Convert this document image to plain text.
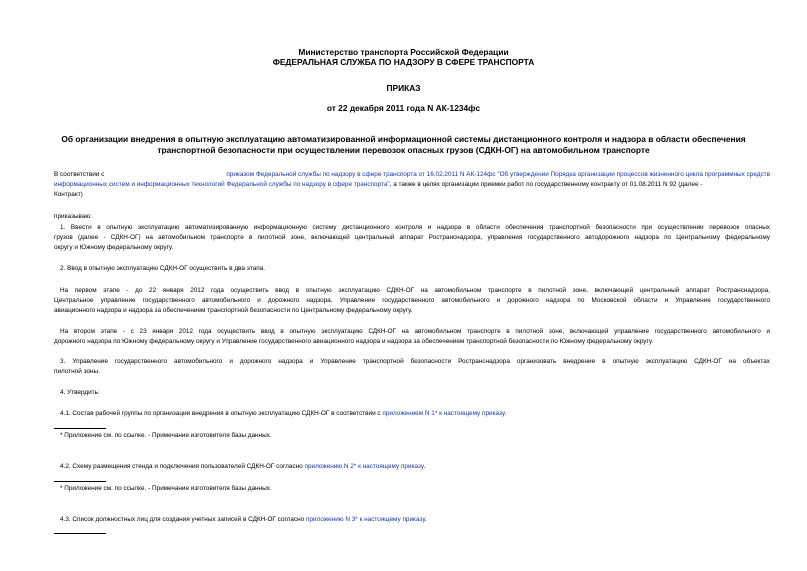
Министерство транспорта Российской Федерации
ФЕДЕРАЛЬНАЯ СЛУЖБА ПО НАДЗОРУ В СФЕРЕ ТРАНСПОРТА
ПРИКАЗ
от 22 декабря 2011 года N АК-1234фс
Об организации внедрения в опытную эксплуатацию автоматизированной информационной системы дистанционного контроля и надзора в области обеспечения
транспортной безопасности при осуществлении перевозок опасных грузов (СДКН-ОГ) на автомобильном транспорте
В соответствии с	приказом Федеральной службы по надзору в сфере транспорта от 16.02.2011 N АК-124фс "Об утверждении Порядка организации процессов жизненного цикла программных средств
информационных систем и информационных технологий Федеральной службы по надзору в сфере транспорта", а также в целях организации приемки работ по государственному контракту от 01.08.2011 N 92 (далее -
Контракт)
приказываю:
1. Ввести в опытную эксплуатацию автоматизированную информационную систему дистанционного контроля и надзора в области обеспечения транспортной безопасности при осуществлении перевозок опасных
грузов (далее - СДКН-ОГ) на автомобильном транспорте в пилотной зоне, включающей центральный аппарат Ространснадзора, управления государственного автодорожного надзора по Центральному федеральному
округу и Южному федеральному округу.
2. Ввод в опытную эксплуатацию СДКН-ОГ осуществить в два этапа.
На первом этапе - до 22 января 2012 года осуществить ввод в опытную эксплуатацию СДКН-ОГ на автомобильном транспорте в пилотной зоне, включающей центральный аппарат Ространснадзора,
Центральное управление государственного автомобильного и дорожного надзора, Управление государственного автомобильного и дорожного надзора по Московской области и Управление государственного
авиационного надзора и надзора за обеспечением транспортной безопасности по Центральному федеральному округу.
На втором этапе - с 23 января 2012 года осуществить ввод в опытную эксплуатацию СДКН-ОГ на автомобильном транспорте в пилотной зоне, включающей управление государственного автомобильного и
дорожного надзора по Южному федеральному округу и Управление государственного авиационного надзора и надзора за обеспечением транспортной безопасности по Южному федеральному округу.
3. Управление государственного автомобильного и дорожного надзора и Управление транспортной безопасности Ространснадзора организовать внедрение в опытную эксплуатацию СДКН-ОГ на объектах
пилотной зоны.
4. Утвердить:
4.1. Состав рабочей группы по организации внедрения в опытную эксплуатацию СДКН-ОГ в соответствии с приложением N 1* к настоящему приказу.
* Приложение см. по ссылке. - Примечание изготовителя базы данных.
4.2. Схему размещения стенда и подключения пользователей СДКН-ОГ согласно приложению N 2* к настоящему приказу.
* Приложение см. по ссылке. - Примечание изготовителя базы данных.
4.3. Список должностных лиц для создания учетных записей в СДКН-ОГ согласно приложению N 3* к настоящему приказу.
